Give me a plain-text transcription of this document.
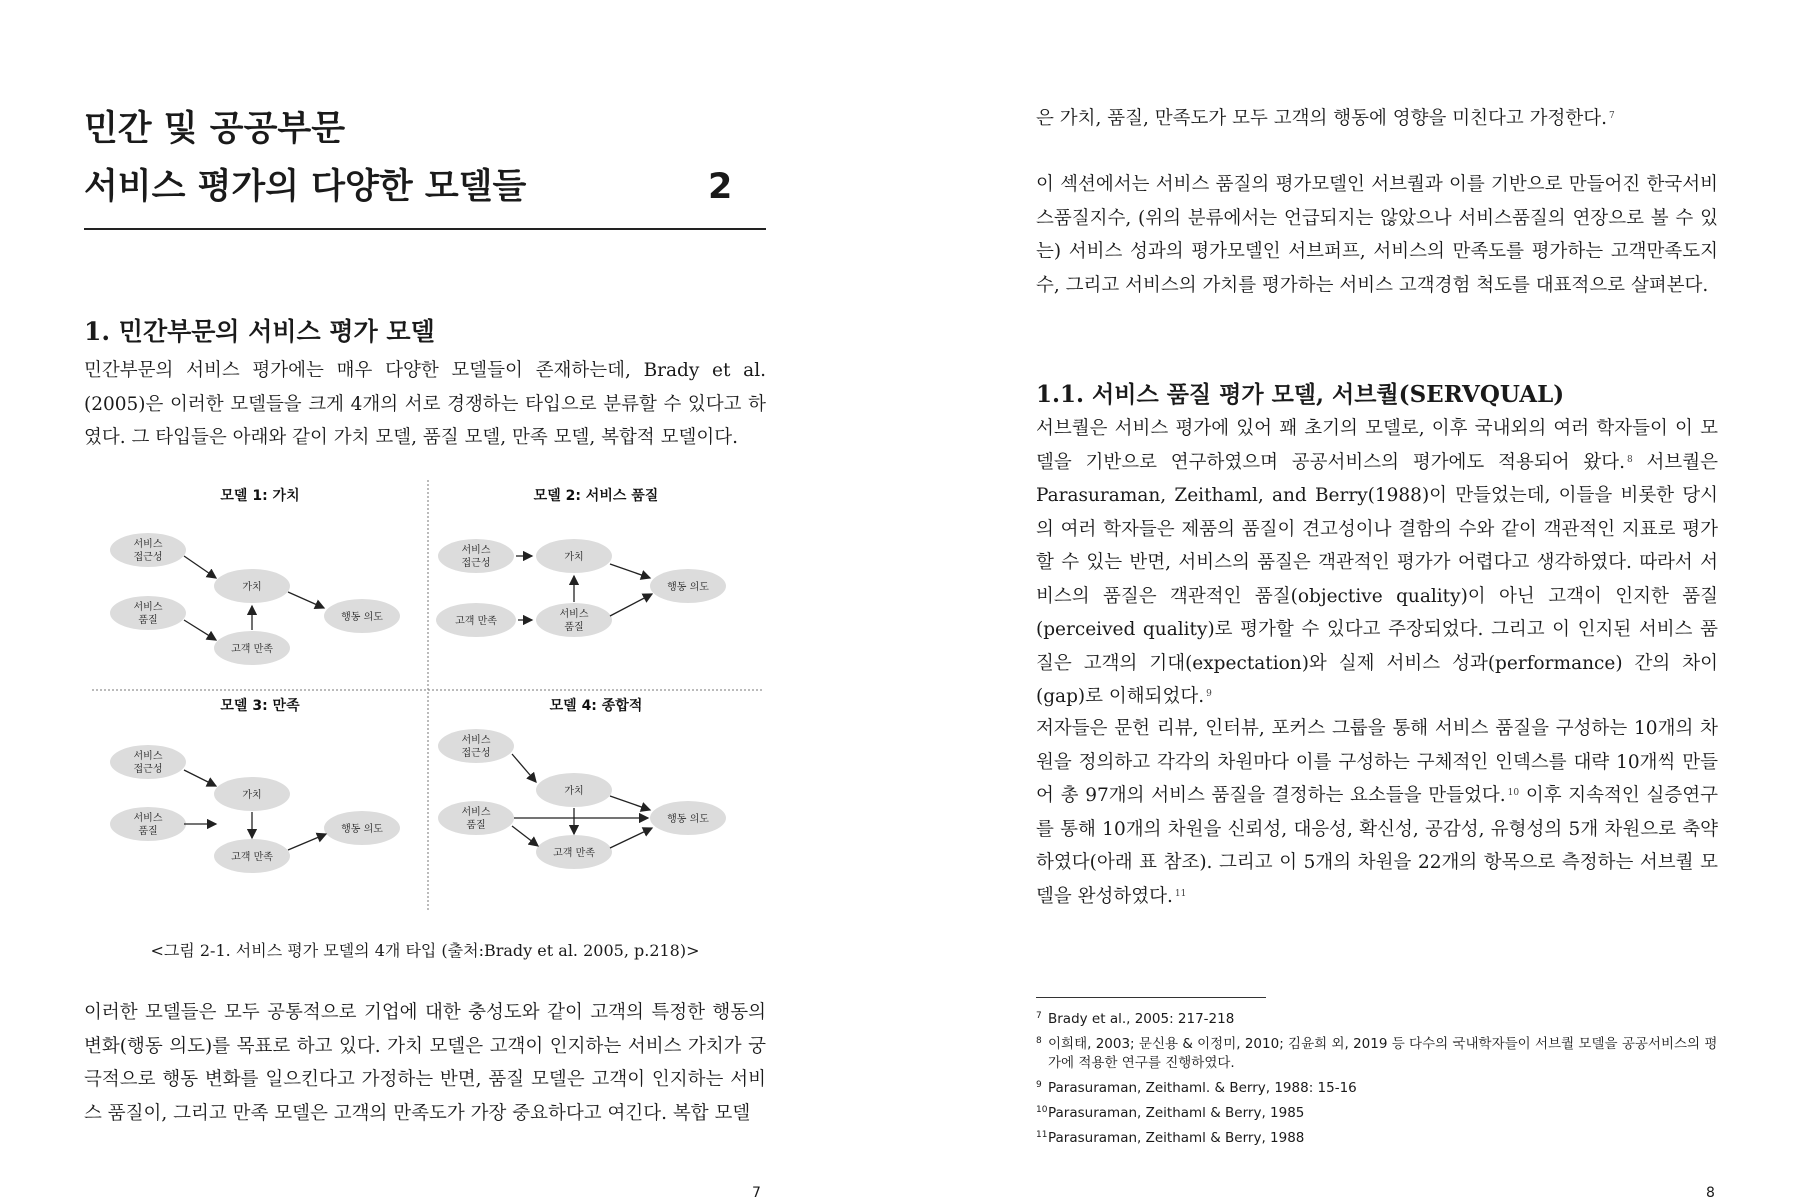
민간 및 공공부문
서비스 평가의 다양한 모델들	2
1. 민간부문의 서비스 평가 모델
민간부문의 서비스 평가에는 매우 다양한 모델들이 존재하는데, Brady et al. (2005)은 이러한 모델들을 크게 4개의 서로 경쟁하는 타입으로 분류할 수 있다고 하였다. 그 타입들은 아래와 같이 가치 모델, 품질 모델, 만족 모델, 복합적 모델이다.
모델 1: 가치	모델 2: 서비스 품질
모델 3: 만족	모델 4: 종합적
서비스
접근성
서비스
품질
가치
고객 만족
행동 의도
서비스
접근성
가치
고객 만족
서비스
품질
행동 의도
서비스
접근성
서비스
품질
가치
고객 만족
행동 의도
서비스
접근성
서비스
품질
가치
고객 만족
행동 의도
<그림 2-1. 서비스 평가 모델의 4개 타입 (출처:Brady et al. 2005, p.218)>
이러한 모델들은 모두 공통적으로 기업에 대한 충성도와 같이 고객의 특정한 행동의 변화(행동 의도)를 목표로 하고 있다. 가치 모델은 고객이 인지하는 서비스 가치가 궁극적으로 행동 변화를 일으킨다고 가정하는 반면, 품질 모델은 고객이 인지하는 서비스 품질이, 그리고 만족 모델은 고객의 만족도가 가장 중요하다고 여긴다. 복합 모델
7
은 가치, 품질, 만족도가 모두 고객의 행동에 영향을 미친다고 가정한다. $^7$
이 섹션에서는 서비스 품질의 평가모델인 서브퀄과 이를 기반으로 만들어진 한국서비스품질지수, (위의 분류에서는 언급되지는 않았으나 서비스품질의 연장으로 볼 수 있는) 서비스 성과의 평가모델인 서브퍼프, 서비스의 만족도를 평가하는 고객만족도지수, 그리고 서비스의 가치를 평가하는 서비스 고객경험 척도를 대표적으로 살펴본다.
1.1. 서비스 품질 평가 모델, 서브퀄(SERVQUAL)
서브퀄은 서비스 평가에 있어 꽤 초기의 모델로, 이후 국내외의 여러 학자들이 이 모델을 기반으로 연구하였으며 공공서비스의 평가에도 적용되어 왔다. $^8$ 서브퀄은 Parasuraman, Zeithaml, and Berry(1988)이 만들었는데, 이들을 비롯한 당시의 여러 학자들은 제품의 품질이 견고성이나 결함의 수와 같이 객관적인 지표로 평가할 수 있는 반면, 서비스의 품질은 객관적인 평가가 어렵다고 생각하였다. 따라서 서비스의 품질은 객관적인 품질(objective quality)이 아닌 고객이 인지한 품질(perceived quality)로 평가할 수 있다고 주장되었다. 그리고 이 인지된 서비스 품질은 고객의 기대(expectation)와 실제 서비스 성과(performance) 간의 차이(gap)로 이해되었다. $^9$
저자들은 문헌 리뷰, 인터뷰, 포커스 그룹을 통해 서비스 품질을 구성하는 10개의 차원을 정의하고 각각의 차원마다 이를 구성하는 구체적인 인덱스를 대략 10개씩 만들어 총 97개의 서비스 품질을 결정하는 요소들을 만들었다. $^{10}$ 이후 지속적인 실증연구를 통해 10개의 차원을 신뢰성, 대응성, 확신성, 공감성, 유형성의 5개 차원으로 축약하였다(아래 표 참조). 그리고 이 5개의 차원을 22개의 항목으로 측정하는 서브퀄 모델을 완성하였다. $^{11}$
7 Brady et al., 2005: 217-218
8 이희태, 2003; 문신용 & 이정미, 2010; 김윤희 외, 2019 등 다수의 국내학자들이 서브퀄 모델을 공공서비스의 평가에 적용한 연구를 진행하였다.
9 Parasuraman, Zeithaml. & Berry, 1988: 15-16
10 Parasuraman, Zeithaml & Berry, 1985
11 Parasuraman, Zeithaml & Berry, 1988
8
